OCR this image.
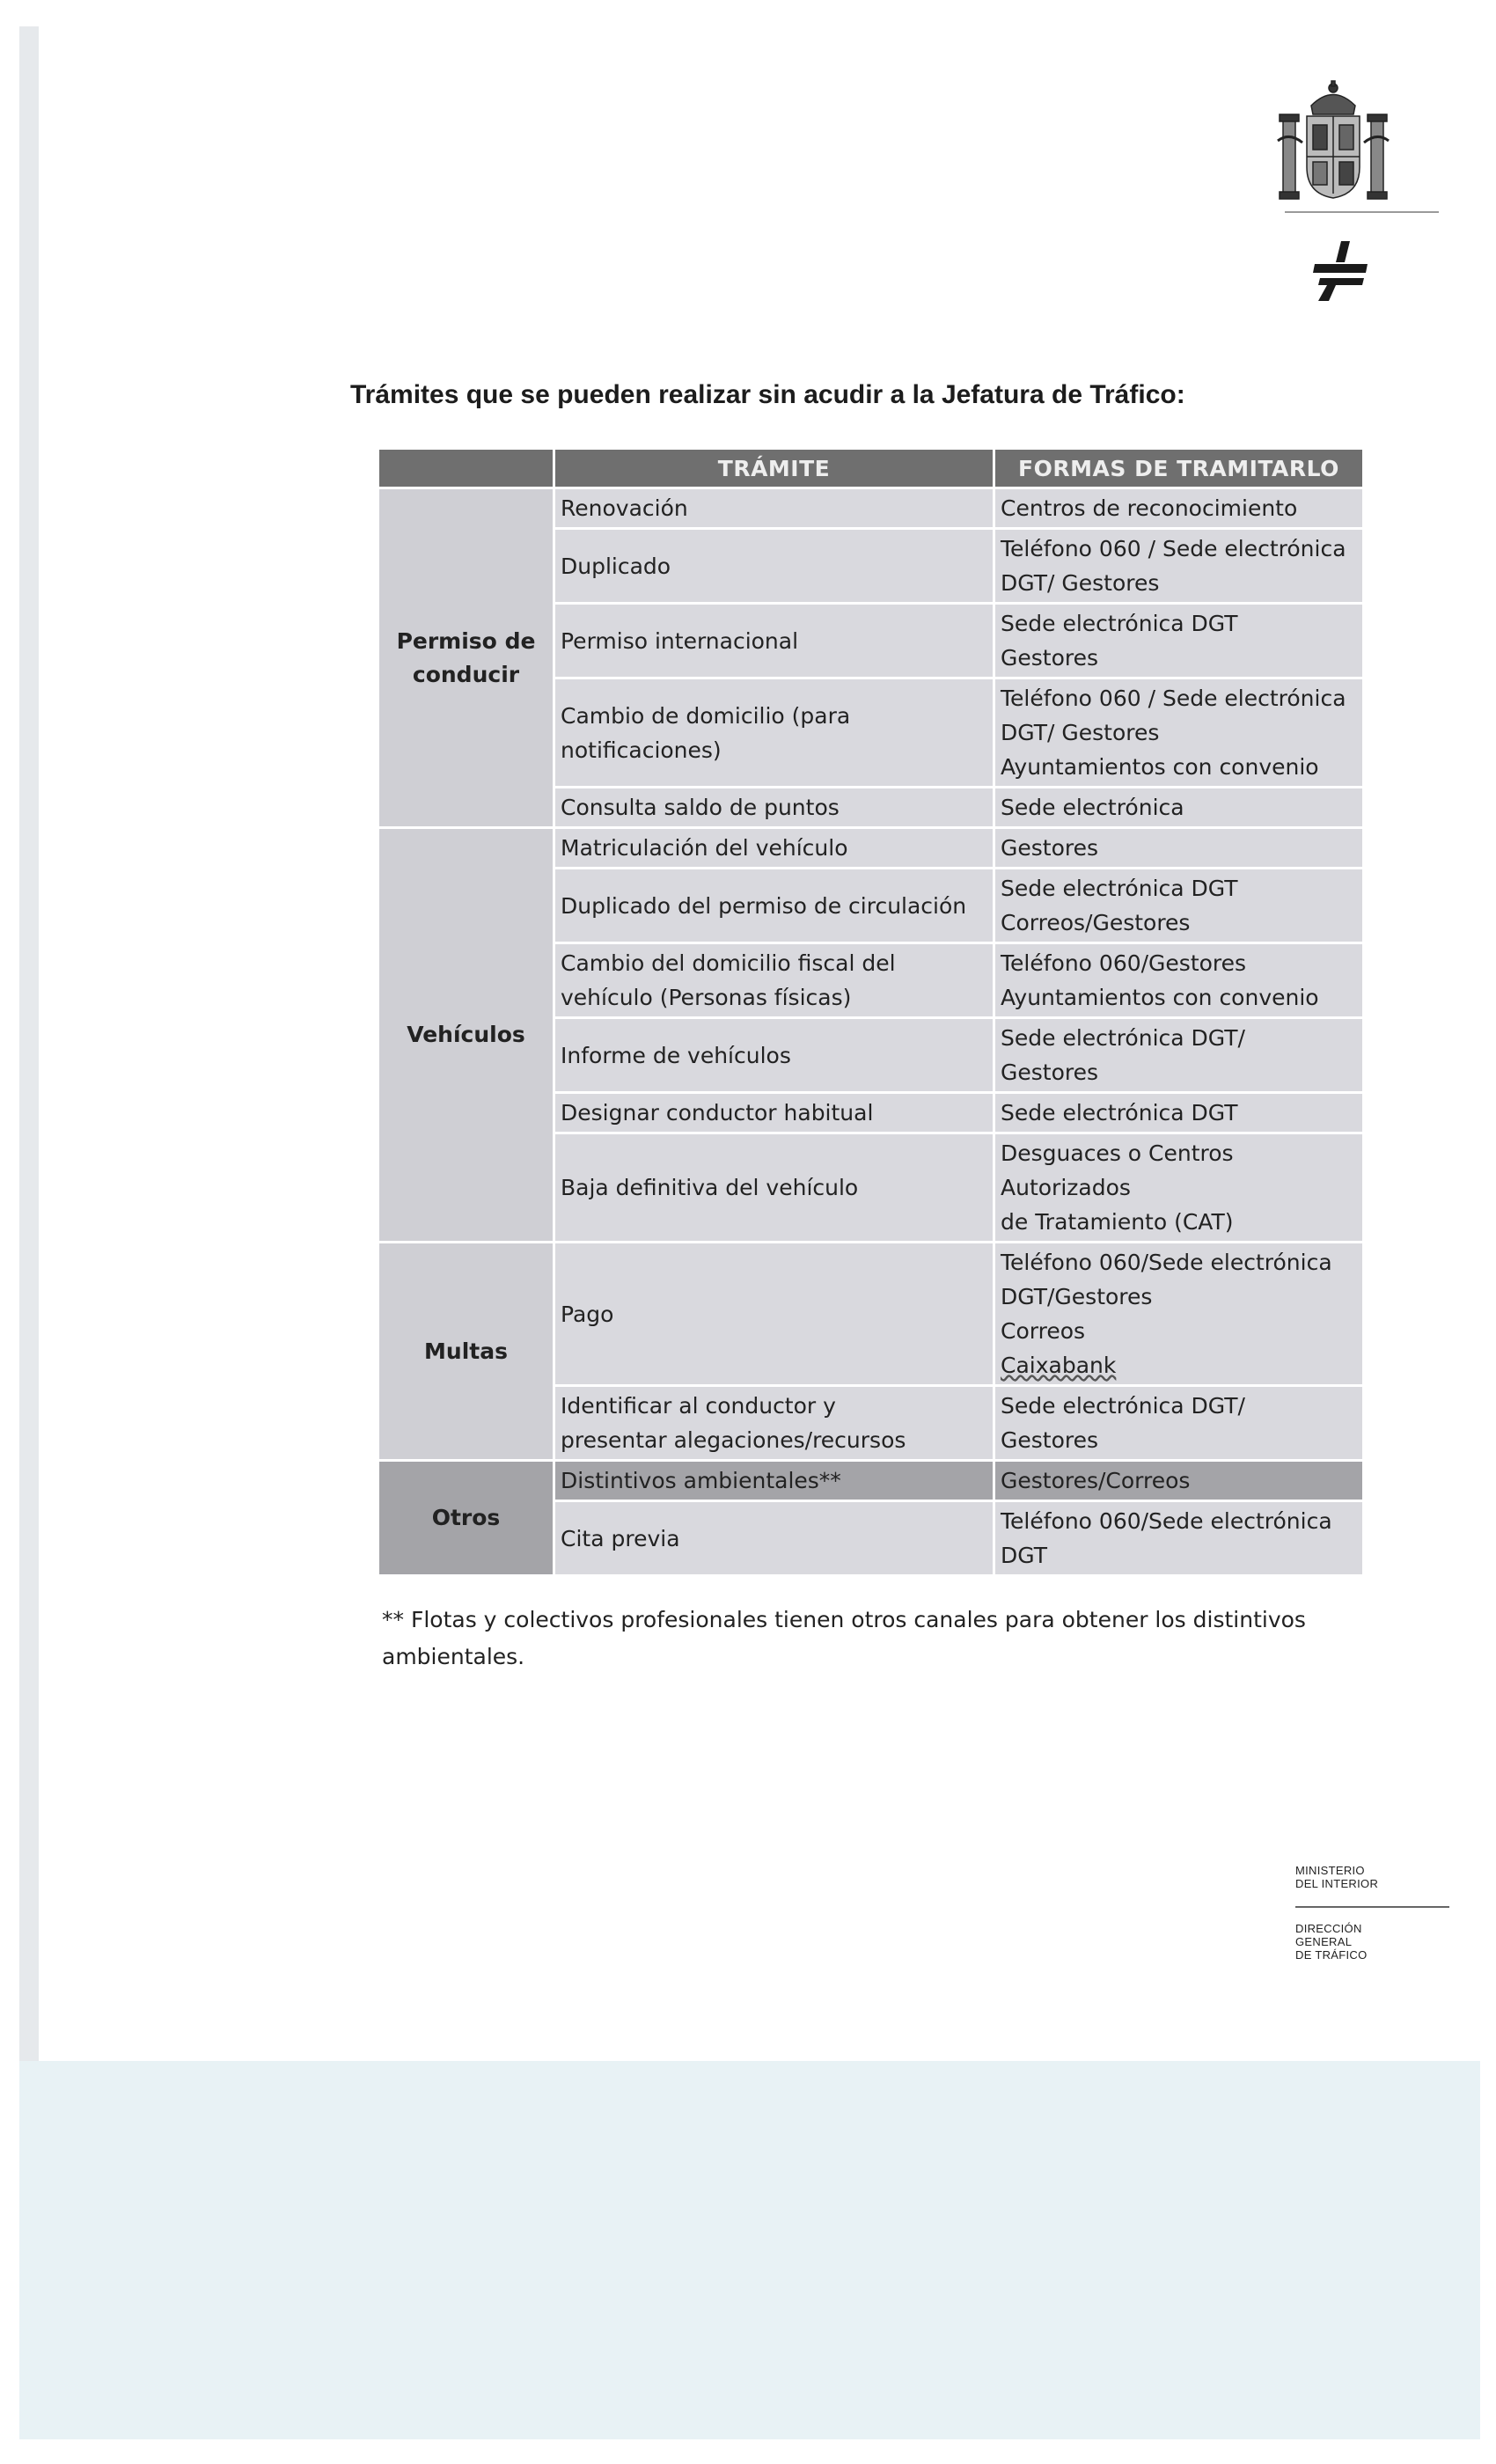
Trámites que se pueden realizar sin acudir a la Jefatura de Tráfico:
	TRÁMITE	FORMAS DE TRAMITARLO

Permiso de
conducir	Renovación	Centros de reconocimiento

	Duplicado	Teléfono 060 / Sede electrónica
DGT/ Gestores

	Permiso internacional	Sede electrónica DGT
Gestores

	Cambio de domicilio (para
notificaciones)	Teléfono 060 / Sede electrónica
DGT/ Gestores
Ayuntamientos con convenio

	Consulta saldo de puntos	Sede electrónica

Vehículos	Matriculación del vehículo	Gestores

	Duplicado del permiso de circulación	Sede electrónica DGT
Correos/Gestores

	Cambio del domicilio fiscal del
vehículo (Personas físicas)	Teléfono 060/Gestores
Ayuntamientos con convenio

	Informe de vehículos	Sede electrónica DGT/
Gestores

	Designar conductor habitual	Sede electrónica DGT

	Baja definitiva del vehículo	Desguaces o Centros
Autorizados
de Tratamiento (CAT)

Multas	Pago	Teléfono 060/Sede electrónica
DGT/Gestores
Correos
Caixabank

	Identificar al conductor y
presentar alegaciones/recursos	Sede electrónica DGT/
Gestores

Otros	Distintivos ambientales**	Gestores/Correos

	Cita previa	Teléfono 060/Sede electrónica
DGT
** Flotas y colectivos profesionales tienen otros canales para obtener los distintivos ambientales.
MINISTERIO
DEL INTERIOR
DIRECCIÓN
GENERAL
DE TRÁFICO
